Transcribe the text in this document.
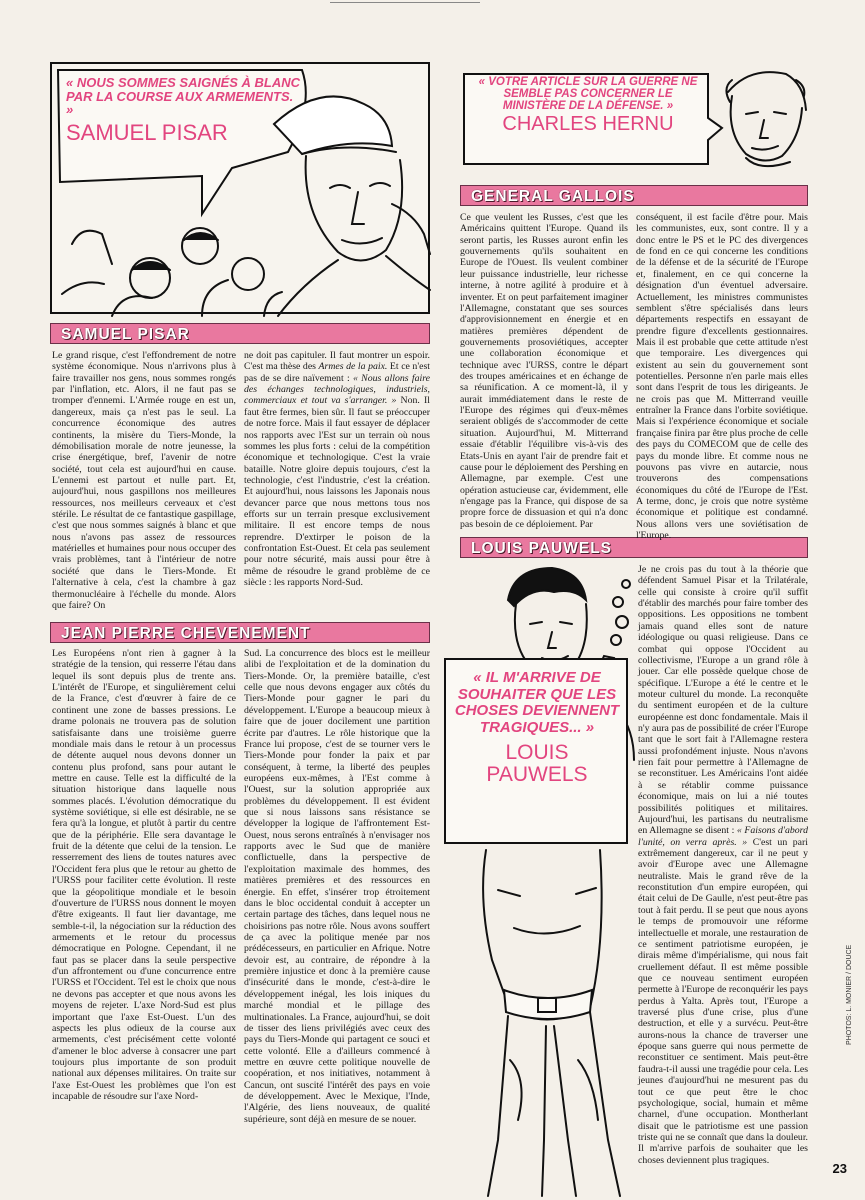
« NOUS SOMMES SAIGNÉS À BLANC PAR LA COURSE AUX ARMEMENTS. »
SAMUEL PISAR
« VOTRE ARTICLE SUR LA GUERRE NE SEMBLE PAS CONCERNER LE MINISTÈRE DE LA DÉFENSE. »
CHARLES HERNU
SAMUEL PISAR
GENERAL GALLOIS
JEAN PIERRE CHEVENEMENT
LOUIS PAUWELS

Le grand risque, c'est l'effondrement de notre système économique. Nous n'arrivons plus à faire travailler nos gens, nous sommes rongés par l'inflation, etc. Alors, il ne faut pas se tromper d'ennemi. L'Armée rouge en est un, dangereux, mais ça n'est pas le seul. La concurrence économique des autres continents, la misère du Tiers-Monde, la démobilisation morale de notre jeunesse, la crise énergétique, bref, l'avenir de notre société, tout cela est aujourd'hui en cause. L'ennemi est partout et nulle part. Et, aujourd'hui, nous gaspillons nos meilleures ressources, nos meilleurs cerveaux et c'est stérile. Le résultat de ce fantastique gaspillage, c'est que nous sommes saignés à blanc et que nous n'avons pas assez de ressources matérielles et humaines pour nous occuper des vrais problèmes, tant à l'intérieur de notre société que dans le Tiers-Monde. Et l'alternative à cela, c'est la chambre à gaz thermonucléaire à l'échelle du monde. Alors que faire? On

ne doit pas capituler. Il faut montrer un espoir. C'est ma thèse des Armes de la paix. Et ce n'est pas de se dire naïvement : « Nous allons faire des échanges technologiques, industriels, commerciaux et tout va s'arranger. » Non. Il faut être fermes, bien sûr. Il faut se préoccuper de notre force. Mais il faut essayer de déplacer nos rapports avec l'Est sur un terrain où nous sommes les plus forts : celui de la compétition économique et technologique. C'est la vraie bataille. Notre gloire depuis toujours, c'est la technologie, c'est l'industrie, c'est la création. Et aujourd'hui, nous laissons les Japonais nous devancer parce que nous mettons tous nos efforts sur un terrain presque exclusivement militaire. Il est encore temps de nous reprendre. D'extirper le poison de la confrontation Est-Ouest. Et cela pas seulement pour notre sécurité, mais aussi pour être à même de résoudre le grand problème de ce siècle : les rapports Nord-Sud.

Les Européens n'ont rien à gagner à la stratégie de la tension, qui resserre l'étau dans lequel ils sont depuis plus de trente ans. L'intérêt de l'Europe, et singulièrement celui de la France, c'est d'œuvrer à faire de ce continent une zone de basses pressions. Le drame polonais ne trouvera pas de solution satisfaisante dans une troisième guerre mondiale mais dans le retour à un processus de détente auquel nous devons donner un contenu plus profond, sans pour autant le mettre en cause. Telle est la difficulté de la situation historique dans laquelle nous sommes placés. L'évolution démocratique du système soviétique, si elle est désirable, ne se fera qu'à la longue, et plutôt à partir du centre que de la périphérie. Elle sera davantage le fruit de la détente que celui de la tension. Le resserrement des liens de toutes natures avec l'Occident fera plus que le retour au ghetto de l'URSS pour faciliter cette évolution. Il reste que la géopolitique mondiale et le besoin d'ouverture de l'URSS nous donnent le moyen d'être exigeants. Il faut lier davantage, me semble-t-il, la négociation sur la réduction des armements et le retour du processus démocratique en Pologne. Cependant, il ne faut pas se placer dans la seule perspective d'un affrontement ou d'une concurrence entre l'URSS et l'Occident. Tel est le choix que nous ne devons pas accepter et que nous avons les moyens de rejeter. L'axe Nord-Sud est plus important que l'axe Est-Ouest. L'un des aspects les plus odieux de la course aux armements, c'est précisément cette volonté d'amener le bloc adverse à consacrer une part toujours plus importante de son produit national aux dépenses militaires. On traite sur l'axe Est-Ouest les problèmes que l'on est incapable de résoudre sur l'axe Nord-

Sud. La concurrence des blocs est le meilleur alibi de l'exploitation et de la domination du Tiers-Monde. Or, la première bataille, c'est celle que nous devons engager aux côtés du Tiers-Monde pour gagner le pari du développement. L'Europe a beaucoup mieux à faire que de jouer docilement une partition écrite par d'autres. Le rôle historique que la France lui propose, c'est de se tourner vers le Tiers-Monde pour fonder la paix et par conséquent, à terme, la liberté des peuples européens eux-mêmes, à l'Est comme à l'Ouest, sur la solution appropriée aux problèmes du développement. Il est évident que si nous laissons sans résistance se développer la logique de l'affrontement Est-Ouest, nous serons entraînés à n'envisager nos rapports avec le Sud que de manière conflictuelle, dans la perspective de l'exploitation maximale des hommes, des matières premières et des ressources en énergie. En effet, s'insérer trop étroitement dans le bloc occidental conduit à accepter un certain partage des tâches, dans lequel nous ne choisirions pas notre rôle. Nous avons souffert de ça avec la politique menée par nos prédécesseurs, en particulier en Afrique. Notre devoir est, au contraire, de répondre à la première injustice et donc à la première cause d'insécurité dans le monde, c'est-à-dire le développement inégal, les lois iniques du marché mondial et le pillage des multinationales. La France, aujourd'hui, se doit de tisser des liens privilégiés avec ceux des pays du Tiers-Monde qui partagent ce souci et cette volonté. Elle a d'ailleurs commencé à mettre en œuvre cette politique nouvelle de coopération, et nos initiatives, notamment à Cancun, ont suscité l'intérêt des pays en voie de développement. Avec le Mexique, l'Inde, l'Algérie, des liens nouveaux, de qualité supérieure, sont déjà en mesure de se nouer.

Ce que veulent les Russes, c'est que les Américains quittent l'Europe. Quand ils seront partis, les Russes auront enfin les gouvernements qu'ils souhaitent en Europe de l'Ouest. Ils veulent combiner leur puissance industrielle, leur richesse interne, à notre agilité à produire et à inventer. Et on peut parfaitement imaginer l'Allemagne, constatant que ses sources d'approvisionnement en énergie et en matières premières dépendent de gouvernements prosoviétiques, accepter une collaboration économique et technique avec l'URSS, contre le départ des troupes américaines et en échange de sa réunification. A ce moment-là, il y aurait immédiatement dans le reste de l'Europe des régimes qui d'eux-mêmes seraient obligés de s'accommoder de cette situation. Aujourd'hui, M. Mitterrand essaie d'établir l'équilibre vis-à-vis des Etats-Unis en ayant l'air de prendre fait et cause pour le déploiement des Pershing en Allemagne, par exemple. C'est une opération astucieuse car, évidemment, elle n'engage pas la France, qui dispose de sa propre force de dissuasion et qui n'a donc pas besoin de ce déploiement. Par

conséquent, il est facile d'être pour. Mais les communistes, eux, sont contre. Il y a donc entre le PS et le PC des divergences de fond en ce qui concerne les conditions de la défense et de la sécurité de l'Europe et, finalement, en ce qui concerne la désignation d'un éventuel adversaire. Actuellement, les ministres communistes semblent s'être spécialisés dans leurs départements respectifs en essayant de prendre figure d'excellents gestionnaires. Mais il est probable que cette attitude n'est que temporaire. Les divergences qui existent au sein du gouvernement sont potentielles. Personne n'en parle mais elles sont dans l'esprit de tous les dirigeants. Je ne crois pas que M. Mitterrand veuille entraîner la France dans l'orbite soviétique. Mais si l'expérience économique et sociale française finira par être plus proche de celle des pays du COMECOM que de celle des pays du monde libre. Et comme nous ne pouvons pas vivre en autarcie, nous trouverons des compensations économiques du côté de l'Europe de l'Est. A terme, donc, je crois que notre système économique et politique est condamné. Nous allons vers une soviétisation de l'Europe.

« IL M'ARRIVE DE SOUHAITER QUE LES CHOSES DEVIENNENT TRAGIQUES... »
LOUIS PAUWELS

Je ne crois pas du tout à la théorie que défendent Samuel Pisar et la Trilatérale, celle qui consiste à croire qu'il suffit d'établir des marchés pour faire tomber des oppositions. Les oppositions ne tombent jamais quand elles sont de nature idéologique ou quasi religieuse. Dans ce combat qui oppose l'Occident au collectivisme, l'Europe a un grand rôle à jouer. Car elle possède quelque chose de spécifique. L'Europe a été le centre et le moteur culturel du monde. La reconquête du sentiment européen et de la culture européenne est donc fondamentale. Mais il n'y aura pas de possibilité de créer l'Europe tant que le sort fait à l'Allemagne restera aussi profondément injuste. Nous n'avons rien fait pour permettre à l'Allemagne de se reconstituer. Les Américains l'ont aidée à se rétablir comme puissance économique, mais on lui a nié toutes possibilités politiques et militaires. Aujourd'hui, les partisans du neutralisme en Allemagne se disent : « Faisons d'abord l'unité, on verra après. » C'est un pari extrêmement dangereux, car il ne peut y avoir d'Europe avec une Allemagne neutraliste. Mais le grand rêve de la reconstitution d'un empire européen, qui était celui de De Gaulle, n'est peut-être pas tout à fait perdu. Il se peut que nous ayons le temps de promouvoir une réforme intellectuelle et morale, une restauration de ce sentiment patriotisme européen, je dirais même d'impérialisme, qui nous fait cruellement défaut. Il est même possible que ce nouveau sentiment européen permette à l'Europe de reconquérir les pays perdus à Yalta. Après tout, l'Europe a traversé plus d'une crise, plus d'une destruction, et elle y a survécu. Peut-être aurons-nous la chance de traverser une époque sans guerre qui nous permette de reconstituer ce sentiment. Mais peut-être faudra-t-il aussi une tragédie pour cela. Les jeunes d'aujourd'hui ne mesurent pas du tout ce que peut être le choc psychologique, social, humain et même charnel, d'une occupation. Montherlant disait que le patriotisme est une passion triste qui ne se connaît que dans la douleur. Il m'arrive parfois de souhaiter que les choses deviennent plus tragiques.

PHOTOS: L. MONIER / DOUCE
23
